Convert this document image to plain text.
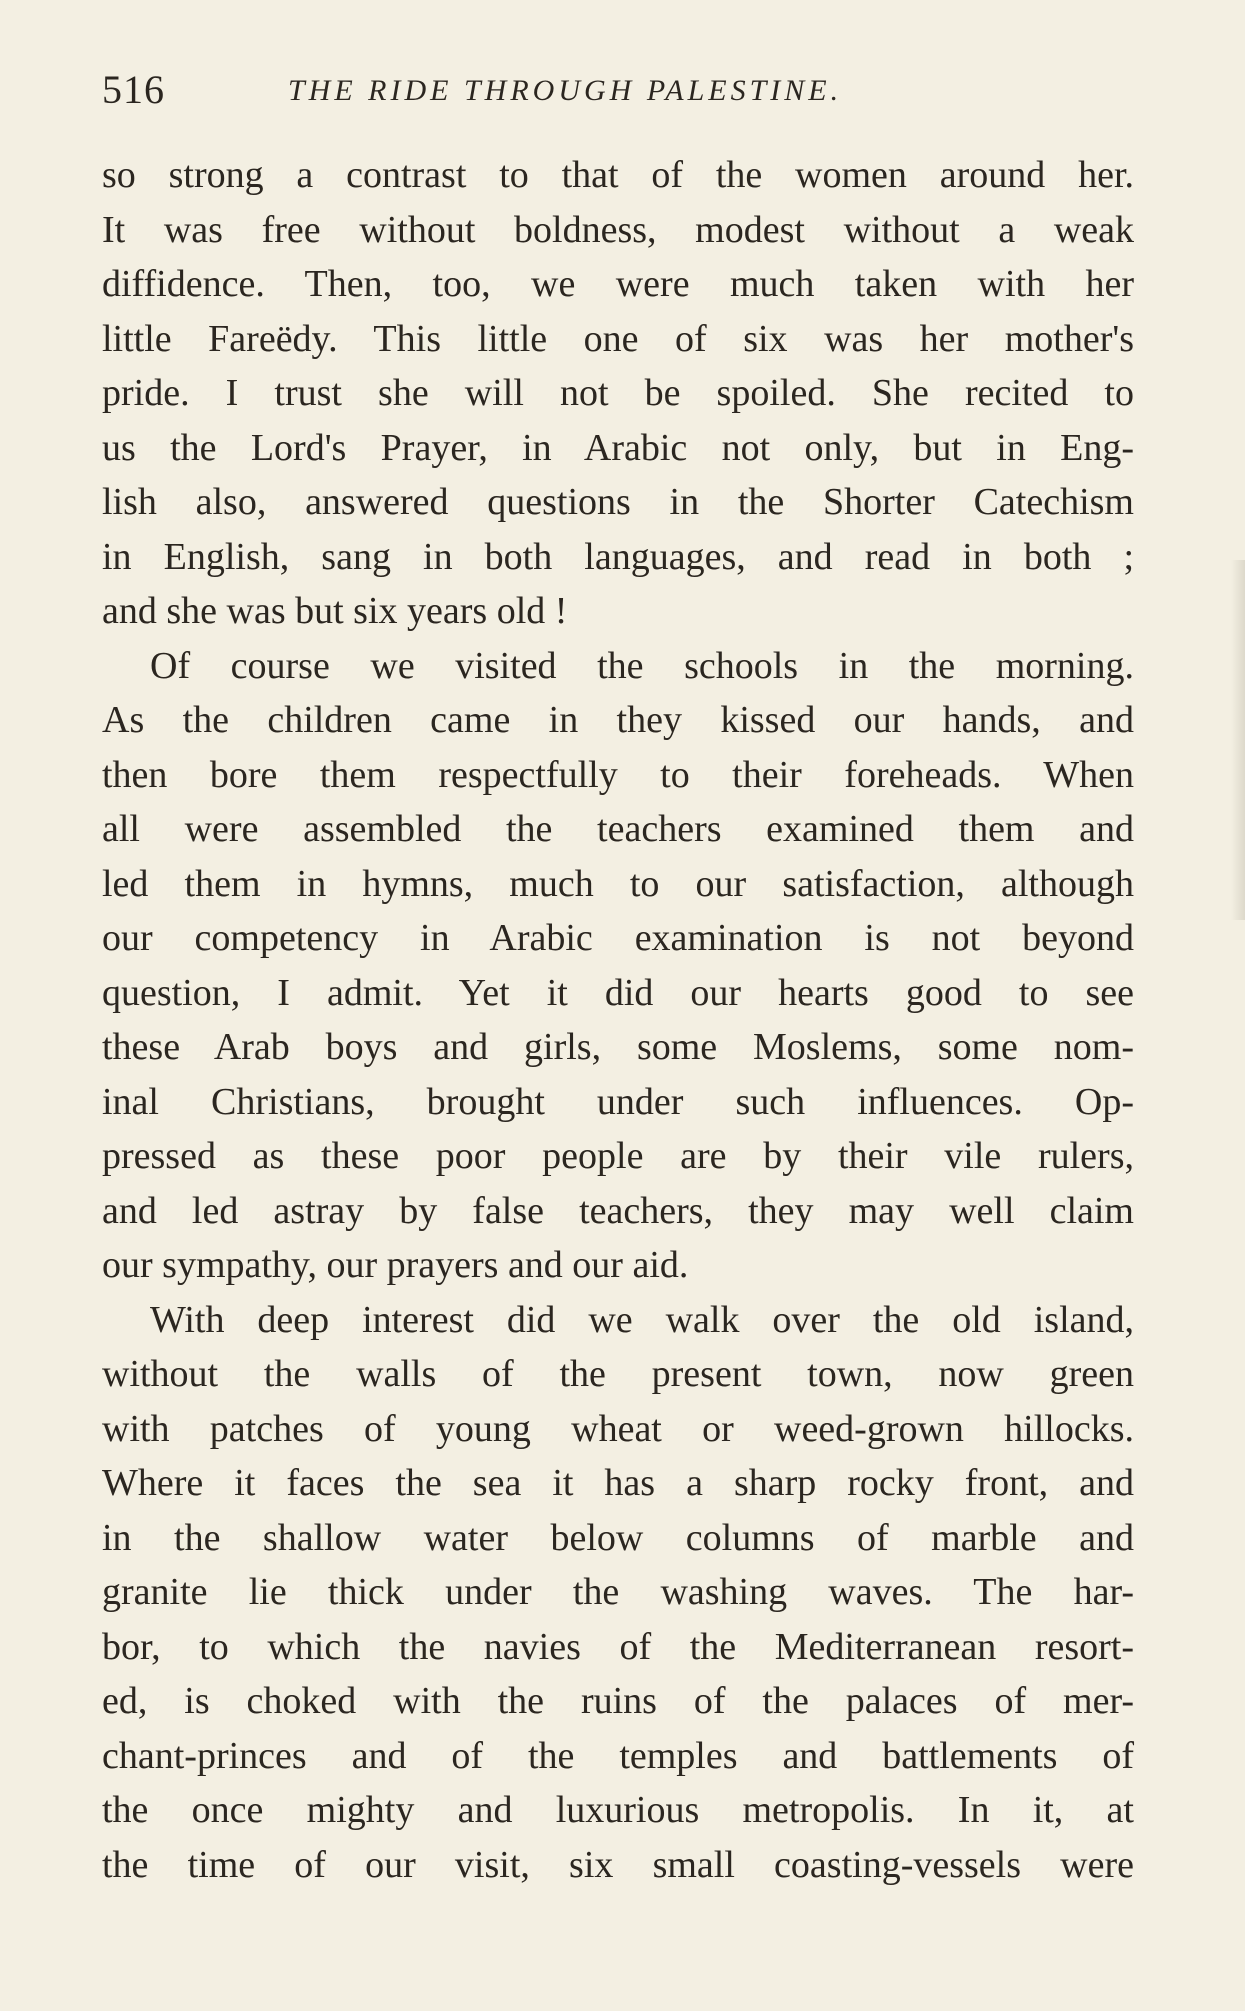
516	THE RIDE THROUGH PALESTINE.
so strong a contrast to that of the women around her.
It was free without boldness, modest without a weak
diffidence. Then, too, we were much taken with her
little Fareëdy. This little one of six was her mother's
pride. I trust she will not be spoiled. She recited to
us the Lord's Prayer, in Arabic not only, but in Eng-
lish also, answered questions in the Shorter Catechism
in English, sang in both languages, and read in both ;
and she was but six years old !
Of course we visited the schools in the morning.
As the children came in they kissed our hands, and
then bore them respectfully to their foreheads. When
all were assembled the teachers examined them and
led them in hymns, much to our satisfaction, although
our competency in Arabic examination is not beyond
question, I admit. Yet it did our hearts good to see
these Arab boys and girls, some Moslems, some nom-
inal Christians, brought under such influences. Op-
pressed as these poor people are by their vile rulers,
and led astray by false teachers, they may well claim
our sympathy, our prayers and our aid.
With deep interest did we walk over the old island,
without the walls of the present town, now green
with patches of young wheat or weed-grown hillocks.
Where it faces the sea it has a sharp rocky front, and
in the shallow water below columns of marble and
granite lie thick under the washing waves. The har-
bor, to which the navies of the Mediterranean resort-
ed, is choked with the ruins of the palaces of mer-
chant-princes and of the temples and battlements of
the once mighty and luxurious metropolis. In it, at
the time of our visit, six small coasting-vessels were
